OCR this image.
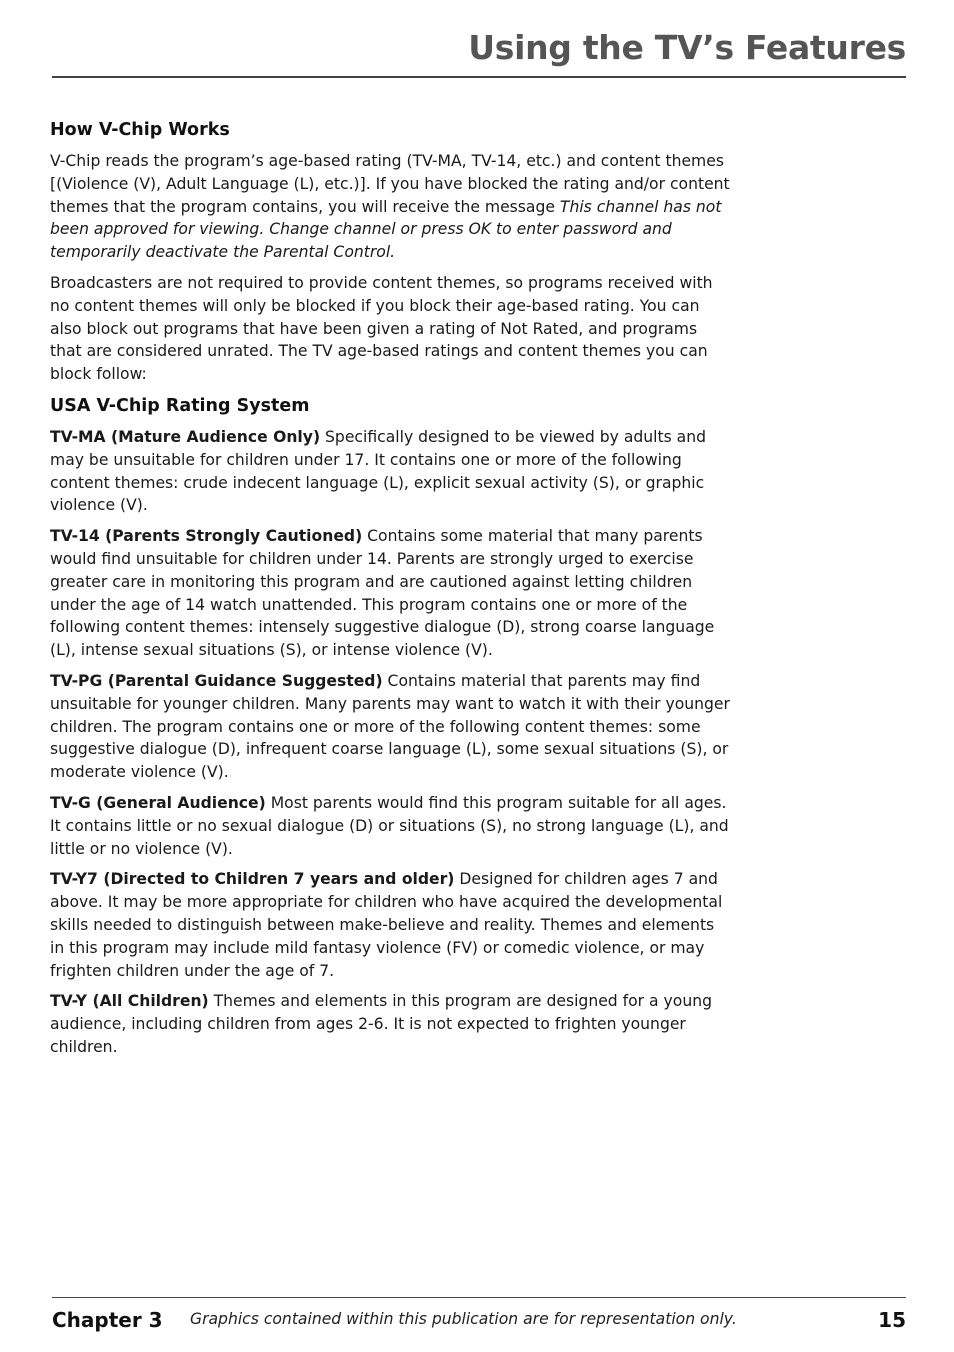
Using the TV’s Features
How V-Chip Works

V-Chip reads the program’s age-based rating (TV-MA, TV-14, etc.) and content themes [(Violence (V), Adult Language (L), etc.)]. If you have blocked the rating and/or content themes that the program contains, you will receive the message This channel has not been approved for viewing. Change channel or press OK to enter password and temporarily deactivate the Parental Control.

Broadcasters are not required to provide content themes, so programs received with no content themes will only be blocked if you block their age-based rating. You can also block out programs that have been given a rating of Not Rated, and programs that are considered unrated. The TV age-based ratings and content themes you can block follow:

USA V-Chip Rating System

TV-MA (Mature Audience Only) Specifically designed to be viewed by adults and may be unsuitable for children under 17. It contains one or more of the following content themes: crude indecent language (L), explicit sexual activity (S), or graphic violence (V).

TV-14 (Parents Strongly Cautioned) Contains some material that many parents would find unsuitable for children under 14. Parents are strongly urged to exercise greater care in monitoring this program and are cautioned against letting children under the age of 14 watch unattended. This program contains one or more of the following content themes: intensely suggestive dialogue (D), strong coarse language (L), intense sexual situations (S), or intense violence (V).

TV-PG (Parental Guidance Suggested) Contains material that parents may find unsuitable for younger children. Many parents may want to watch it with their younger children. The program contains one or more of the following content themes: some suggestive dialogue (D), infrequent coarse language (L), some sexual situations (S), or moderate violence (V).

TV-G (General Audience) Most parents would find this program suitable for all ages. It contains little or no sexual dialogue (D) or situations (S), no strong language (L), and little or no violence (V).

TV-Y7 (Directed to Children 7 years and older) Designed for children ages 7 and above. It may be more appropriate for children who have acquired the developmental skills needed to distinguish between make-believe and reality. Themes and elements in this program may include mild fantasy violence (FV) or comedic violence, or may frighten children under the age of 7.

TV-Y (All Children) Themes and elements in this program are designed for a young audience, including children from ages 2-6. It is not expected to frighten younger children.

Chapter 3 Graphics contained within this publication are for representation only.	15
